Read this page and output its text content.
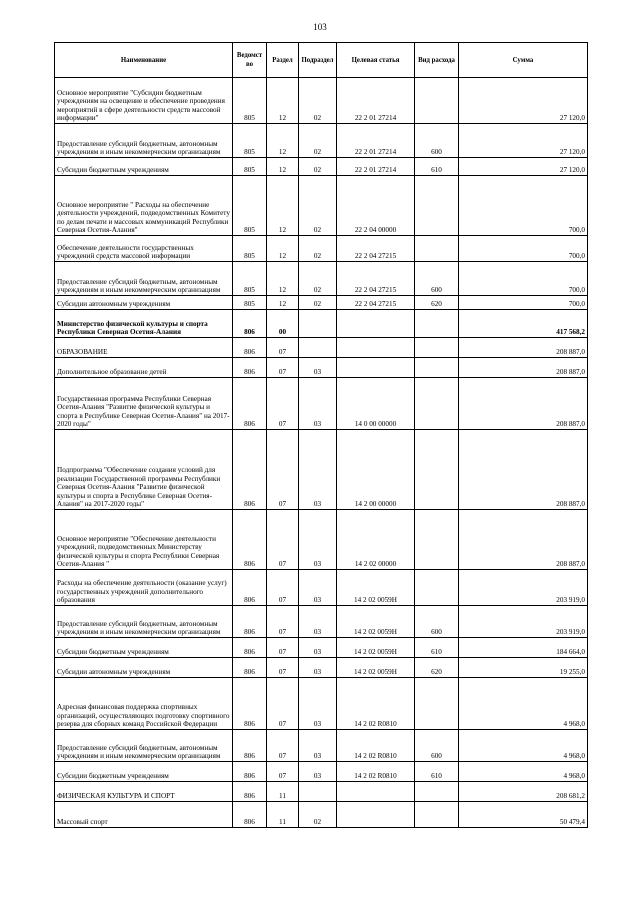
103
Наименование	Ведомст во	Раздел	Подраздел	Целевая статья	Вид расхода	Сумма
Основное мероприятие "Субсидии бюджетным учреждениям на освещение и обеспечение проведения мероприятий в сфере деятельности средств массовой информации"	805	12	02	22 2 01 27214		27 120,0
Предоставление субсидий бюджетным, автономным учреждениям и иным некоммерческим организациям	805	12	02	22 2 01 27214	600	27 120,0
Субсидии бюджетным учреждениям	805	12	02	22 2 01 27214	610	27 120,0
Основное мероприятие " Расходы на обеспечение деятельности учреждений, подведомственных Комитету по делам печати и массовых коммуникаций Республики Северная Осетия-Алания"	805	12	02	22 2 04 00000		700,0
Обеспечение деятельности государственных учреждений средств массовой информации	805	12	02	22 2 04 27215		700,0
Предоставление субсидий бюджетным, автономным учреждениям и иным некоммерческим организациям	805	12	02	22 2 04 27215	600	700,0
Субсидии автономным учреждениям	805	12	02	22 2 04 27215	620	700,0
Министерство физической культуры и спорта Республики Северная Осетия-Алания	806	00				417 568,2
ОБРАЗОВАНИЕ	806	07				208 887,0
Дополнительное образование детей	806	07	03			208 887,0
Государственная программа Республики Северная Осетия-Алания "Развитие физической культуры и спорта в Республике Северная Осетия-Алания" на 2017-2020 годы"	806	07	03	14 0 00 00000		208 887,0
Подпрограмма "Обеспечение создания условий для реализации Государственной программы Республики Северная Осетия-Алания "Развитие физической культуры и спорта в Республике Северная Осетия-Алания" на 2017-2020 годы"	806	07	03	14 2 00 00000		208 887,0
Основное мероприятие "Обеспечение деятельности учреждений, подведомственных Министерству физической культуры и спорта Республики Северная Осетия-Алания "	806	07	03	14 2 02 00000		208 887,0
Расходы на обеспечение деятельности (оказание услуг) государственных учреждений дополнительного образования	806	07	03	14 2 02 0059Н		203 919,0
Предоставление субсидий бюджетным, автономным учреждениям и иным некоммерческим организациям	806	07	03	14 2 02 0059Н	600	203 919,0
Субсидии бюджетным учреждениям	806	07	03	14 2 02 0059Н	610	184 664,0
Субсидии автономным учреждениям	806	07	03	14 2 02 0059Н	620	19 255,0
Адресная финансовая поддержка спортивных организаций, осуществляющих подготовку спортивного резерва для сборных команд Российской Федерации	806	07	03	14 2 02 R0810		4 968,0
Предоставление субсидий бюджетным, автономным учреждениям и иным некоммерческим организациям	806	07	03	14 2 02 R0810	600	4 968,0
Субсидии бюджетным учреждениям	806	07	03	14 2 02 R0810	610	4 968,0
ФИЗИЧЕСКАЯ КУЛЬТУРА И СПОРТ	806	11				208 681,2
Массовый спорт	806	11	02			50 479,4
